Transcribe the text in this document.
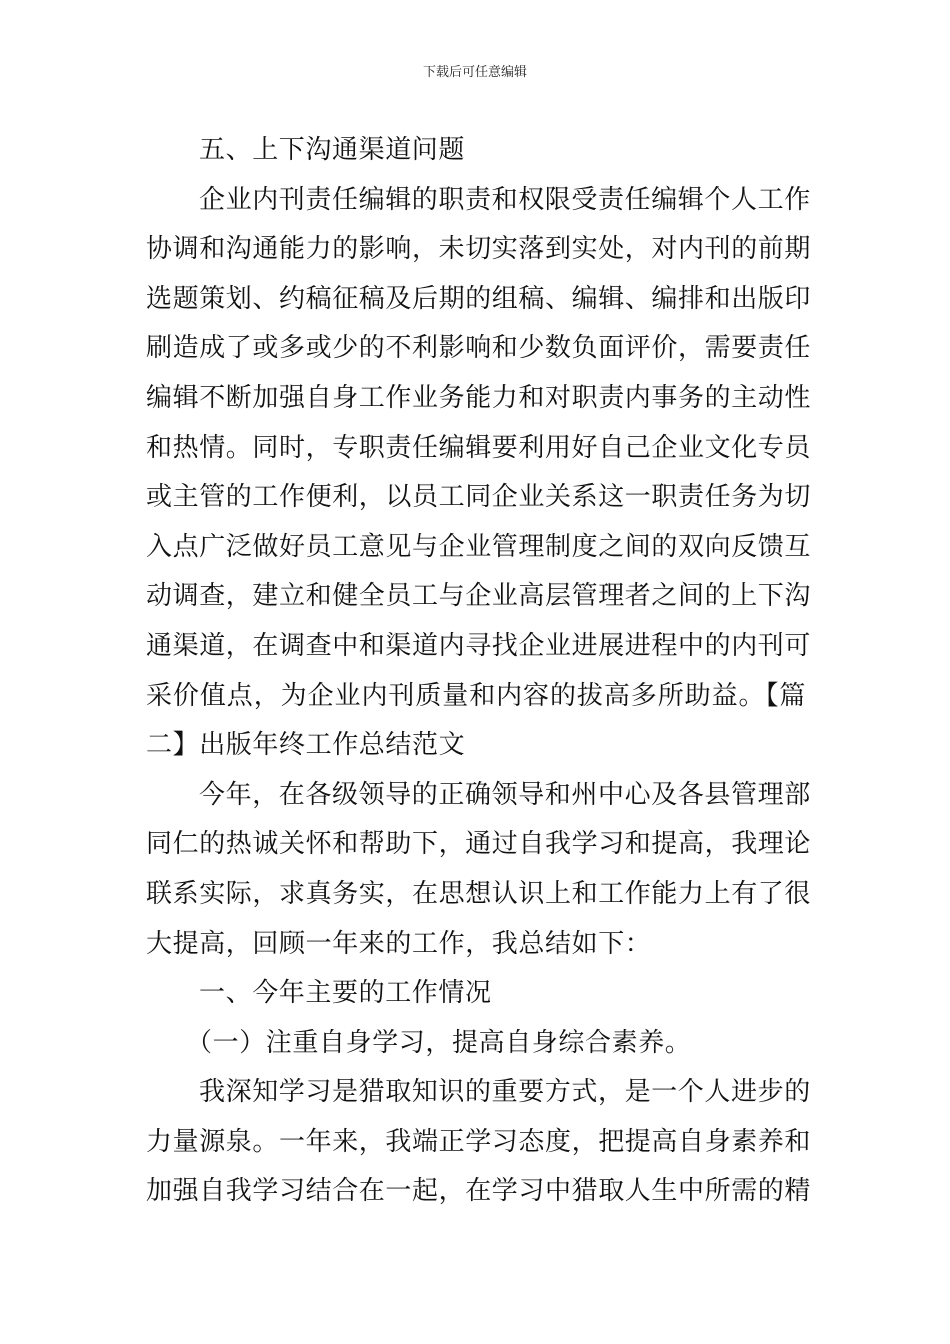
下载后可任意编辑
五、上下沟通渠道问题
企业内刊责任编辑的职责和权限受责任编辑个人工作
协调和沟通能力的影响，未切实落到实处，对内刊的前期
选题策划、约稿征稿及后期的组稿、编辑、编排和出版印
刷造成了或多或少的不利影响和少数负面评价，需要责任
编辑不断加强自身工作业务能力和对职责内事务的主动性
和热情。同时，专职责任编辑要利用好自己企业文化专员
或主管的工作便利，以员工同企业关系这一职责任务为切
入点广泛做好员工意见与企业管理制度之间的双向反馈互
动调查，建立和健全员工与企业高层管理者之间的上下沟
通渠道，在调查中和渠道内寻找企业进展进程中的内刊可
采价值点，为企业内刊质量和内容的拔高多所助益。【篇
二】出版年终工作总结范文
今年，在各级领导的正确领导和州中心及各县管理部
同仁的热诚关怀和帮助下，通过自我学习和提高，我理论
联系实际，求真务实，在思想认识上和工作能力上有了很
大提高，回顾一年来的工作，我总结如下：
一、今年主要的工作情况
（一）注重自身学习，提高自身综合素养。
我深知学习是猎取知识的重要方式，是一个人进步的
力量源泉。一年来，我端正学习态度，把提高自身素养和
加强自我学习结合在一起，在学习中猎取人生中所需的精
